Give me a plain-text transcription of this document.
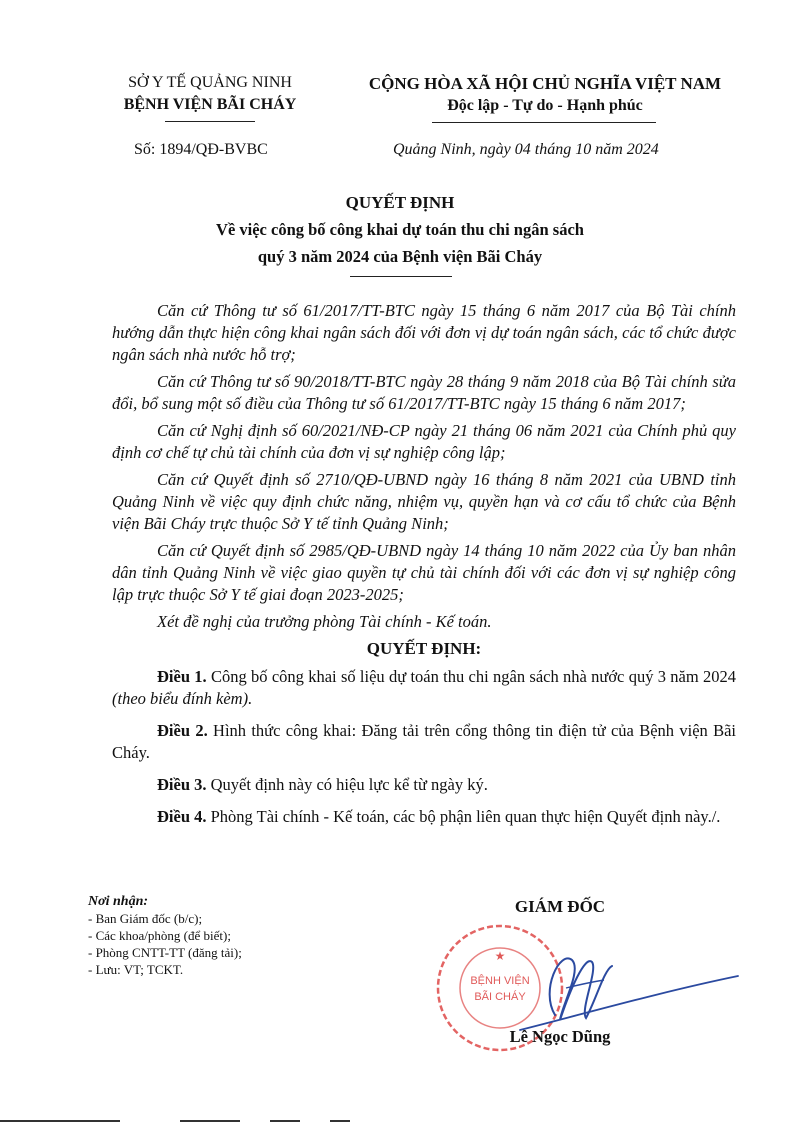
SỞ Y TẾ QUẢNG NINH
BỆNH VIỆN BÃI CHÁY
CỘNG HÒA XÃ HỘI CHỦ NGHĨA VIỆT NAM
Độc lập - Tự do - Hạnh phúc
Số: 1894/QĐ-BVBC	Quảng Ninh, ngày 04 tháng 10 năm 2024
QUYẾT ĐỊNH
Về việc công bố công khai dự toán thu chi ngân sách
quý 3 năm 2024 của Bệnh viện Bãi Cháy

Căn cứ Thông tư số 61/2017/TT-BTC ngày 15 tháng 6 năm 2017 của Bộ Tài chính hướng dẫn thực hiện công khai ngân sách đối với đơn vị dự toán ngân sách, các tổ chức được ngân sách nhà nước hỗ trợ;

Căn cứ Thông tư số 90/2018/TT-BTC ngày 28 tháng 9 năm 2018 của Bộ Tài chính sửa đổi, bổ sung một số điều của Thông tư số 61/2017/TT-BTC ngày 15 tháng 6 năm 2017;

Căn cứ Nghị định số 60/2021/NĐ-CP ngày 21 tháng 06 năm 2021 của Chính phủ quy định cơ chế tự chủ tài chính của đơn vị sự nghiệp công lập;

Căn cứ Quyết định số 2710/QĐ-UBND ngày 16 tháng 8 năm 2021 của UBND tỉnh Quảng Ninh về việc quy định chức năng, nhiệm vụ, quyền hạn và cơ cấu tổ chức của Bệnh viện Bãi Cháy trực thuộc Sở Y tế tỉnh Quảng Ninh;

Căn cứ Quyết định số 2985/QĐ-UBND ngày 14 tháng 10 năm 2022 của Ủy ban nhân dân tỉnh Quảng Ninh về việc giao quyền tự chủ tài chính đối với các đơn vị sự nghiệp công lập trực thuộc Sở Y tế giai đoạn 2023-2025;

Xét đề nghị của trưởng phòng Tài chính - Kế toán.

QUYẾT ĐỊNH:

Điều 1. Công bố công khai số liệu dự toán thu chi ngân sách nhà nước quý 3 năm 2024 (theo biểu đính kèm).

Điều 2. Hình thức công khai: Đăng tải trên cổng thông tin điện tử của Bệnh viện Bãi Cháy.

Điều 3. Quyết định này có hiệu lực kể từ ngày ký.

Điều 4. Phòng Tài chính - Kế toán, các bộ phận liên quan thực hiện Quyết định này./.

Nơi nhận:
- Ban Giám đốc (b/c);
- Các khoa/phòng (để biết);
- Phòng CNTT-TT (đăng tải);
- Lưu: VT; TCKT.
GIÁM ĐỐC
BỆNH VIỆN
BÃI CHÁY
★
Lê Ngọc Dũng
